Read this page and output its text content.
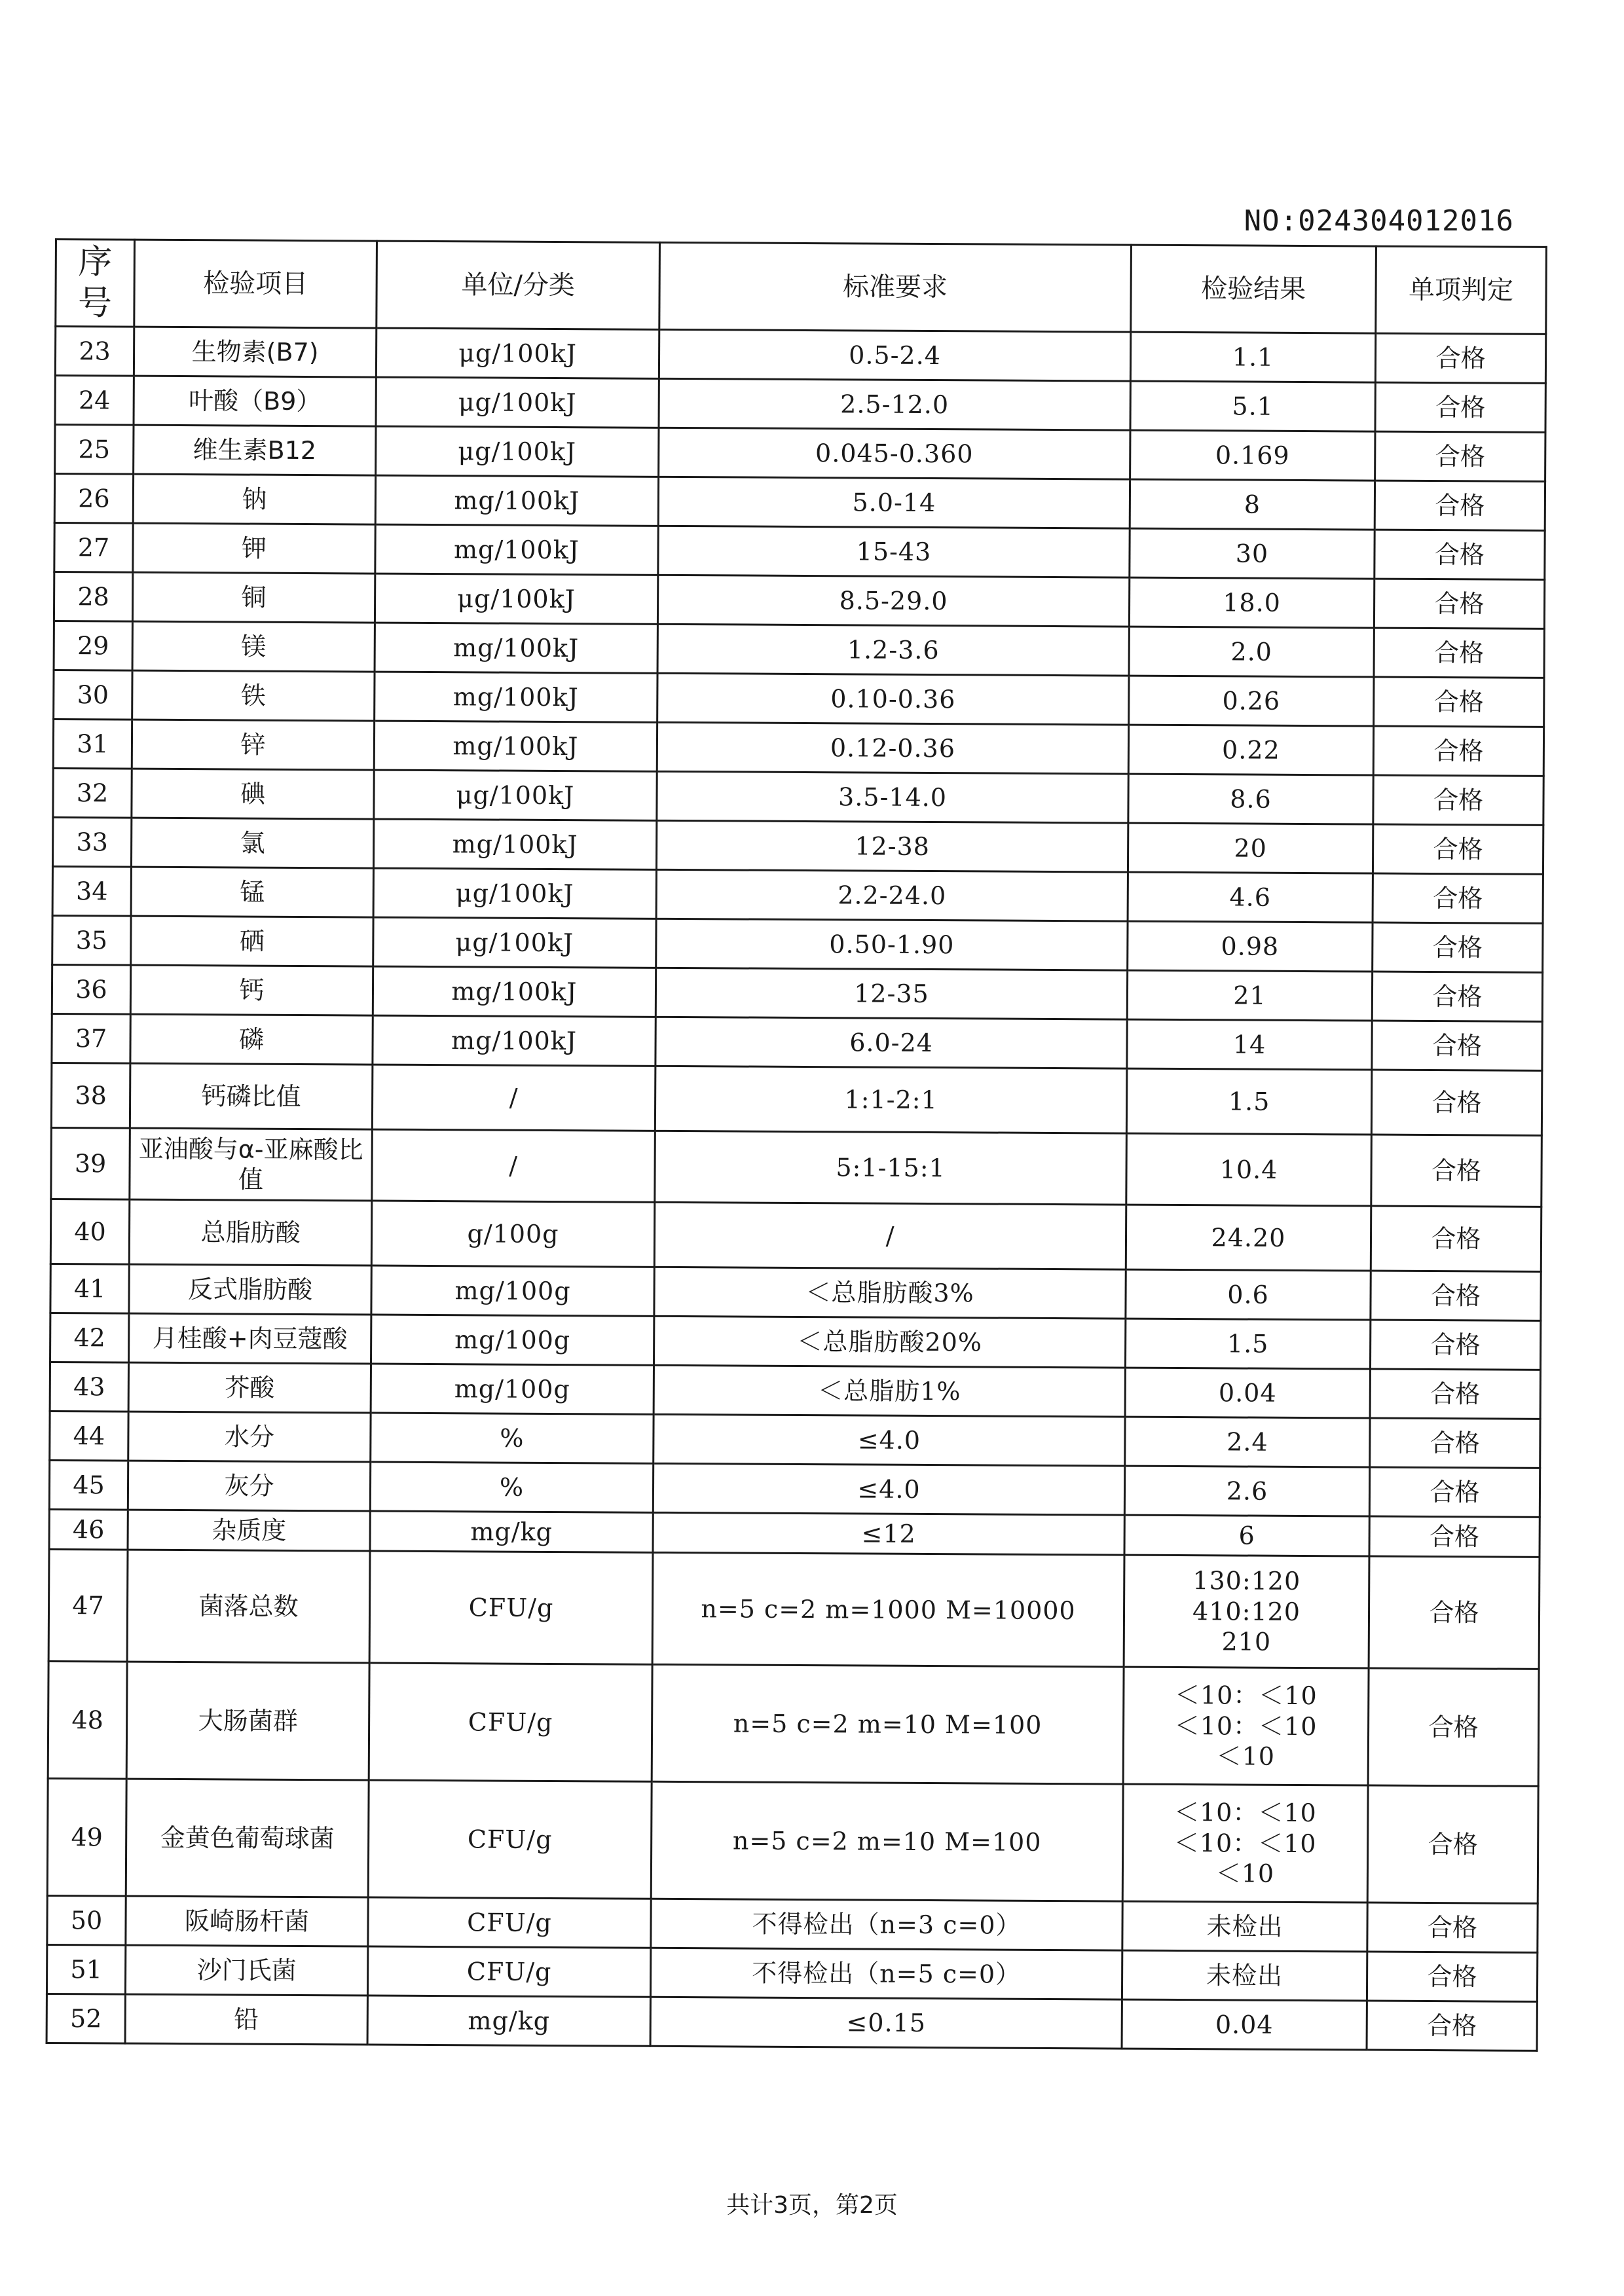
NO:024304012016
序号	检验项目	单位/分类	标准要求	检验结果	单项判定
23	生物素(B7)	μg/100kJ	0.5-2.4	1.1	合格
24	叶酸（B9）	μg/100kJ	2.5-12.0	5.1	合格
25	维生素B12	μg/100kJ	0.045-0.360	0.169	合格
26	钠	mg/100kJ	5.0-14	8	合格
27	钾	mg/100kJ	15-43	30	合格
28	铜	μg/100kJ	8.5-29.0	18.0	合格
29	镁	mg/100kJ	1.2-3.6	2.0	合格
30	铁	mg/100kJ	0.10-0.36	0.26	合格
31	锌	mg/100kJ	0.12-0.36	0.22	合格
32	碘	μg/100kJ	3.5-14.0	8.6	合格
33	氯	mg/100kJ	12-38	20	合格
34	锰	μg/100kJ	2.2-24.0	4.6	合格
35	硒	μg/100kJ	0.50-1.90	0.98	合格
36	钙	mg/100kJ	12-35	21	合格
37	磷	mg/100kJ	6.0-24	14	合格
38	钙磷比值	/	1:1-2:1	1.5	合格
39	亚油酸与α-亚麻酸比值	/	5:1-15:1	10.4	合格
40	总脂肪酸	g/100g	/	24.20	合格
41	反式脂肪酸	mg/100g	＜总脂肪酸3%	0.6	合格
42	月桂酸+肉豆蔻酸	mg/100g	＜总脂肪酸20%	1.5	合格
43	芥酸	mg/100g	＜总脂肪1%	0.04	合格
44	水分	%	≤4.0	2.4	合格
45	灰分	%	≤4.0	2.6	合格
46	杂质度	mg/kg	≤12	6	合格
47	菌落总数	CFU/g	n=5 c=2 m=1000 M=10000	130:120
410:120
210	合格
48	大肠菌群	CFU/g	n=5 c=2 m=10 M=100	＜10：＜10
＜10：＜10
＜10	合格
49	金黄色葡萄球菌	CFU/g	n=5 c=2 m=10 M=100	＜10：＜10
＜10：＜10
＜10	合格
50	阪崎肠杆菌	CFU/g	不得检出（n=3 c=0）	未检出	合格
51	沙门氏菌	CFU/g	不得检出（n=5 c=0）	未检出	合格
52	铅	mg/kg	≤0.15	0.04	合格
共计3页，第2页
